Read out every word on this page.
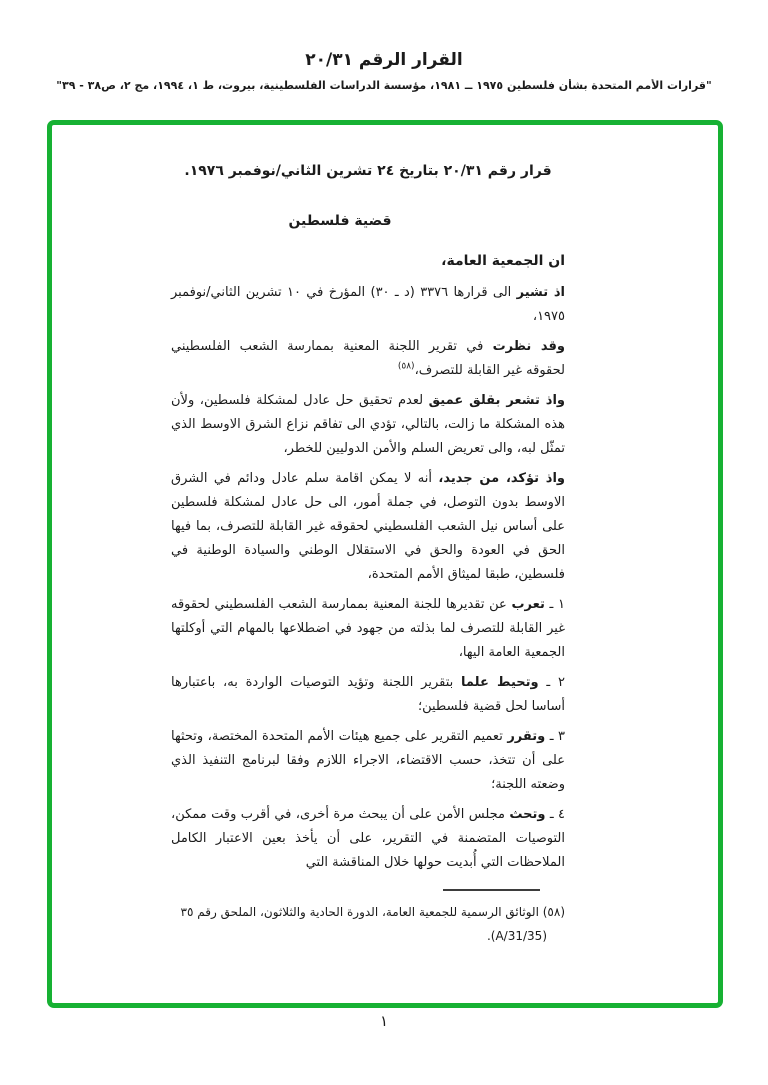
القرار الرقم ٢٠/٣١
"قرارات الأمم المتحدة بشأن فلسطين ١٩٧٥ ــ ١٩٨١، مؤسسة الدراسات الفلسطينية، بيروت، ط ١، ١٩٩٤، مج ٢، ص٣٨ - ٣٩"
قرار رقم ٢٠/٣١ بتاريخ ٢٤ تشرين الثاني/نوفمبر ١٩٧٦.
قضية فلسطين
ان الجمعية العامة،

اذ تشير الى قرارها ٣٣٧٦ (د ـ ٣٠) المؤرخ في ١٠ تشرين الثاني/نوفمبر ١٩٧٥،

وقد نظرت في تقرير اللجنة المعنية بممارسة الشعب الفلسطيني لحقوقه غير القابلة للتصرف،$^{(٥٨)}$

واذ تشعر بقلق عميق لعدم تحقيق حل عادل لمشكلة فلسطين، ولأن هذه المشكلة ما زالت، بالتالي، تؤدي الى تفاقم نزاع الشرق الاوسط الذي تمثّل لبه، والى تعريض السلم والأمن الدوليين للخطر،

واذ تؤكد، من جديد، أنه لا يمكن اقامة سلم عادل ودائم في الشرق الاوسط بدون التوصل، في جملة أمور، الى حل عادل لمشكلة فلسطين على أساس نيل الشعب الفلسطيني لحقوقه غير القابلة للتصرف، بما فيها الحق في العودة والحق في الاستقلال الوطني والسيادة الوطنية في فلسطين، طبقا لميثاق الأمم المتحدة،

١ ـ تعرب عن تقديرها للجنة المعنية بممارسة الشعب الفلسطيني لحقوقه غير القابلة للتصرف لما بذلته من جهود في اضطلاعها بالمهام التي أوكلتها الجمعية العامة اليها،

٢ ـ وتحيط علما بتقرير اللجنة وتؤيد التوصيات الواردة به، باعتبارها أساسا لحل قضية فلسطين؛

٣ ـ وتقرر تعميم التقرير على جميع هيئات الأمم المتحدة المختصة، وتحثها على أن تتخذ، حسب الاقتضاء، الاجراء اللازم وفقا لبرنامج التنفيذ الذي وضعته اللجنة؛

٤ ـ وتحث مجلس الأمن على أن يبحث مرة أخرى، في أقرب وقت ممكن، التوصيات المتضمنة في التقرير، على أن يأخذ بعين الاعتبار الكامل الملاحظات التي أُبديت حولها خلال المناقشة التي

(٥٨) الوثائق الرسمية للجمعية العامة، الدورة الحادية والثلاثون، الملحق رقم ٣٥
(A/31/35).
١
